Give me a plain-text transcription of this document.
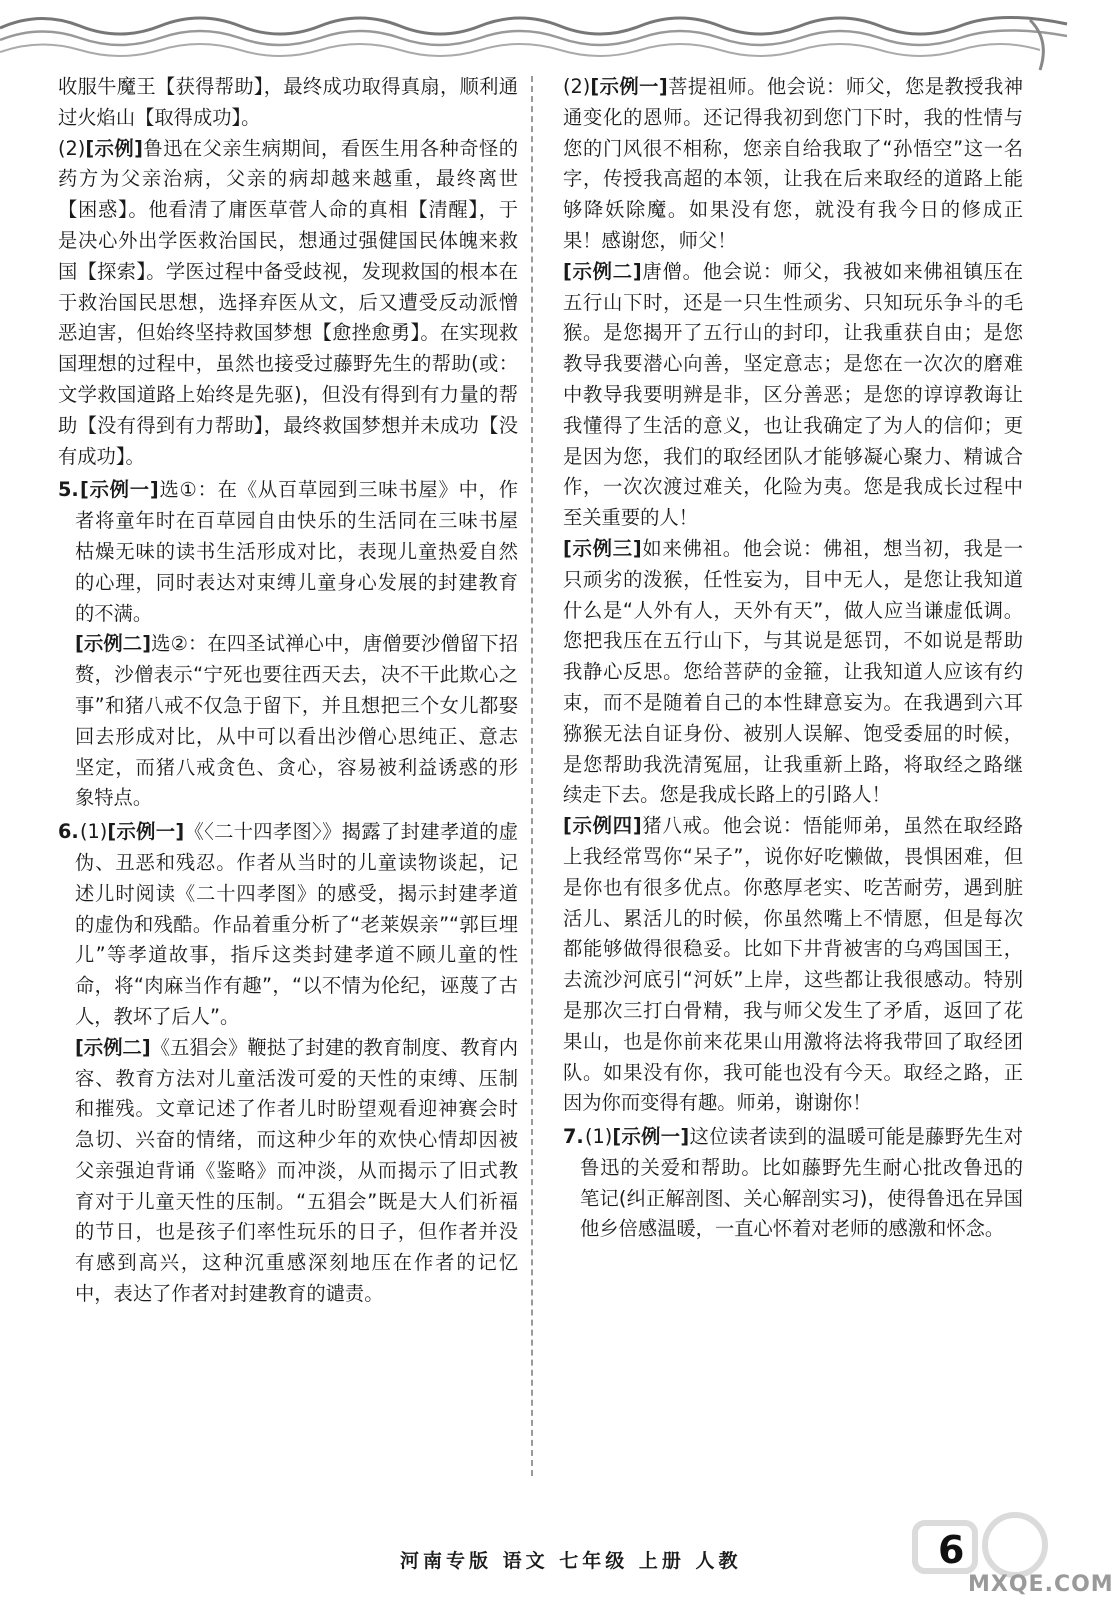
收服牛魔王【获得帮助】，最终成功取得真扇，顺利通过火焰山【取得成功】。

(2)[示例]鲁迅在父亲生病期间，看医生用各种奇怪的药方为父亲治病，父亲的病却越来越重，最终离世【困惑】。他看清了庸医草菅人命的真相【清醒】，于是决心外出学医救治国民，想通过强健国民体魄来救国【探索】。学医过程中备受歧视，发现救国的根本在于救治国民思想，选择弃医从文，后又遭受反动派憎恶迫害，但始终坚持救国梦想【愈挫愈勇】。在实现救国理想的过程中，虽然也接受过藤野先生的帮助(或：文学救国道路上始终是先驱)，但没有得到有力量的帮助【没有得到有力帮助】，最终救国梦想并未成功【没有成功】。

5.[示例一]选①：在《从百草园到三味书屋》中，作者将童年时在百草园自由快乐的生活同在三味书屋枯燥无味的读书生活形成对比，表现儿童热爱自然的心理，同时表达对束缚儿童身心发展的封建教育的不满。

[示例二]选②：在四圣试禅心中，唐僧要沙僧留下招赘，沙僧表示“宁死也要往西天去，决不干此欺心之事”和猪八戒不仅急于留下，并且想把三个女儿都娶回去形成对比，从中可以看出沙僧心思纯正、意志坚定，而猪八戒贪色、贪心，容易被利益诱惑的形象特点。

6.(1)[示例一]《〈二十四孝图〉》揭露了封建孝道的虚伪、丑恶和残忍。作者从当时的儿童读物谈起，记述儿时阅读《二十四孝图》的感受，揭示封建孝道的虚伪和残酷。作品着重分析了“老莱娱亲”“郭巨埋儿”等孝道故事，指斥这类封建孝道不顾儿童的性命，将“肉麻当作有趣”，“以不情为伦纪，诬蔑了古人，教坏了后人”。

[示例二]《五猖会》鞭挞了封建的教育制度、教育内容、教育方法对儿童活泼可爱的天性的束缚、压制和摧残。文章记述了作者儿时盼望观看迎神赛会时急切、兴奋的情绪，而这种少年的欢快心情却因被父亲强迫背诵《鉴略》而冲淡，从而揭示了旧式教育对于儿童天性的压制。“五猖会”既是大人们祈福的节日，也是孩子们率性玩乐的日子，但作者并没有感到高兴，这种沉重感深刻地压在作者的记忆中，表达了作者对封建教育的谴责。

(2)[示例一]菩提祖师。他会说：师父，您是教授我神通变化的恩师。还记得我初到您门下时，我的性情与您的门风很不相称，您亲自给我取了“孙悟空”这一名字，传授我高超的本领，让我在后来取经的道路上能够降妖除魔。如果没有您，就没有我今日的修成正果！感谢您，师父！

[示例二]唐僧。他会说：师父，我被如来佛祖镇压在五行山下时，还是一只生性顽劣、只知玩乐争斗的毛猴。是您揭开了五行山的封印，让我重获自由；是您教导我要潜心向善，坚定意志；是您在一次次的磨难中教导我要明辨是非，区分善恶；是您的谆谆教诲让我懂得了生活的意义，也让我确定了为人的信仰；更是因为您，我们的取经团队才能够凝心聚力、精诚合作，一次次渡过难关，化险为夷。您是我成长过程中至关重要的人！

[示例三]如来佛祖。他会说：佛祖，想当初，我是一只顽劣的泼猴，任性妄为，目中无人，是您让我知道什么是“人外有人，天外有天”，做人应当谦虚低调。您把我压在五行山下，与其说是惩罚，不如说是帮助我静心反思。您给菩萨的金箍，让我知道人应该有约束，而不是随着自己的本性肆意妄为。在我遇到六耳猕猴无法自证身份、被别人误解、饱受委屈的时候，是您帮助我洗清冤屈，让我重新上路，将取经之路继续走下去。您是我成长路上的引路人！

[示例四]猪八戒。他会说：悟能师弟，虽然在取经路上我经常骂你“呆子”，说你好吃懒做，畏惧困难，但是你也有很多优点。你憨厚老实、吃苦耐劳，遇到脏活儿、累活儿的时候，你虽然嘴上不情愿，但是每次都能够做得很稳妥。比如下井背被害的乌鸡国国王，去流沙河底引“河妖”上岸，这些都让我很感动。特别是那次三打白骨精，我与师父发生了矛盾，返回了花果山，也是你前来花果山用激将法将我带回了取经团队。如果没有你，我可能也没有今天。取经之路，正因为你而变得有趣。师弟，谢谢你！

7.(1)[示例一]这位读者读到的温暖可能是藤野先生对鲁迅的关爱和帮助。比如藤野先生耐心批改鲁迅的笔记(纠正解剖图、关心解剖实习)，使得鲁迅在异国他乡倍感温暖，一直心怀着对老师的感激和怀念。

河南专版 语文 七年级 上册 人教	6
MXQE.COM
